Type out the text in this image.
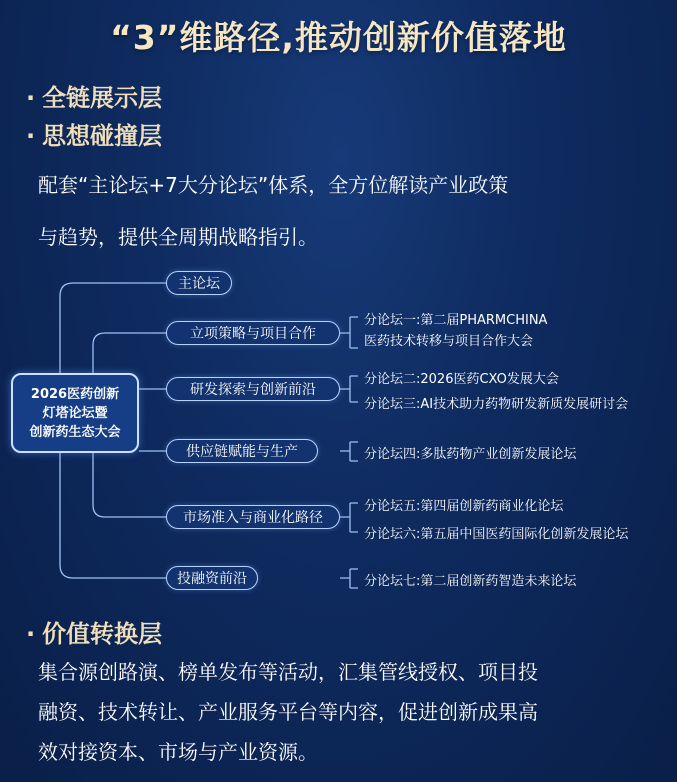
“3”维路径,推动创新价值落地
· 全链展示层
· 思想碰撞层
配套“主论坛+7大分论坛”体系，全方位解读产业政策
与趋势，提供全周期战略指引。
2026医药创新
灯塔论坛暨
创新药生态大会
主论坛
立项策略与项目合作
研发探索与创新前沿
供应链赋能与生产
市场准入与商业化路径
投融资前沿
分论坛一:第二届PHARMCHINA
医药技术转移与项目合作大会
分论坛二:2026医药CXO发展大会
分论坛三:AI技术助力药物研发新质发展研讨会
分论坛四:多肽药物产业创新发展论坛
分论坛五:第四届创新药商业化论坛
分论坛六:第五届中国医药国际化创新发展论坛
分论坛七:第二届创新药智造未来论坛
· 价值转换层
集合源创路演、榜单发布等活动，汇集管线授权、项目投
融资、技术转让、产业服务平台等内容，促进创新成果高
效对接资本、市场与产业资源。
